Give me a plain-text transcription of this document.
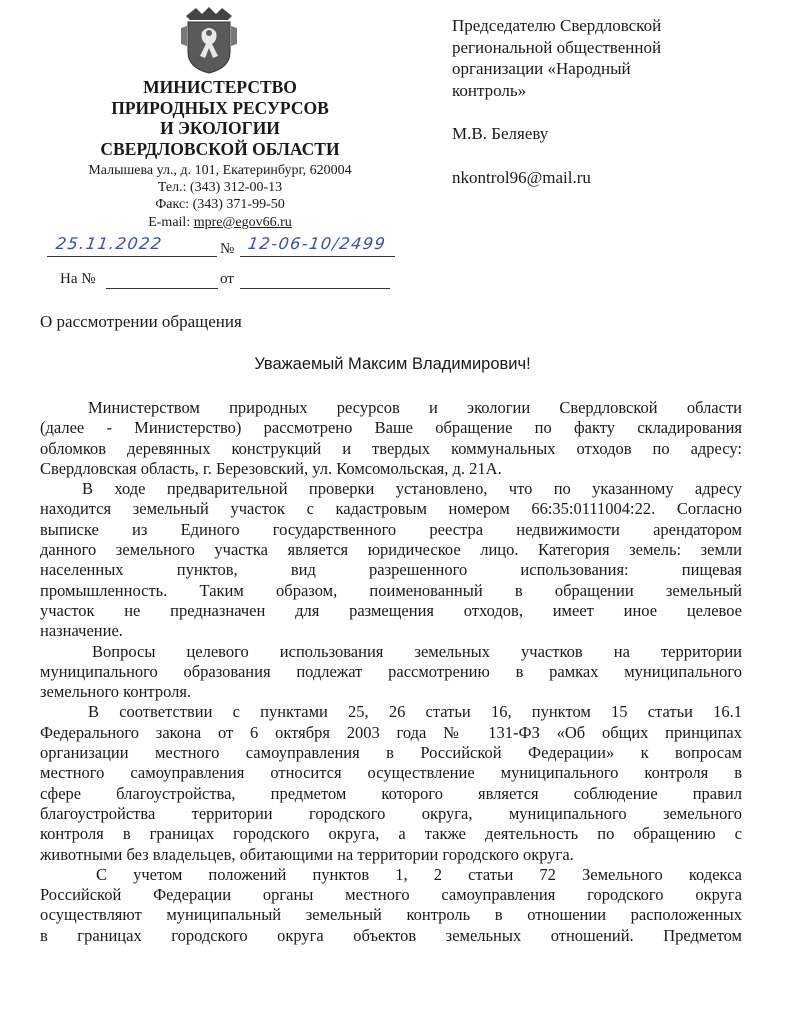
МИНИСТЕРСТВО
ПРИРОДНЫХ РЕСУРСОВ
И ЭКОЛОГИИ
СВЕРДЛОВСКОЙ ОБЛАСТИ
Малышева ул., д. 101, Екатеринбург, 620004
Тел.: (343) 312-00-13
Факс: (343) 371-99-50
E-mail: mpre@egov66.ru
25.11.2022	№ 12-06-10/2499
На №	от
Председателю Свердловской
региональной общественной
организации «Народный
контроль»
М.В. Беляеву
nkontrol96@mail.ru
О рассмотрении обращения
Уважаемый Максим Владимирович!

Министерством природных ресурсов и экологии Свердловской области
(далее - Министерство) рассмотрено Ваше обращение по факту складирования
обломков деревянных конструкций и твердых коммунальных отходов по адресу:
Свердловская область, г. Березовский, ул. Комсомольская, д. 21А.

В ходе предварительной проверки установлено, что по указанному адресу
находится земельный участок с кадастровым номером 66:35:0111004:22. Согласно
выписке из Единого государственного реестра недвижимости арендатором
данного земельного участка является юридическое лицо. Категория земель: земли
населенных пунктов, вид разрешенного использования: пищевая
промышленность. Таким образом, поименованный в обращении земельный
участок не предназначен для размещения отходов, имеет иное целевое
назначение.

Вопросы целевого использования земельных участков на территории
муниципального образования подлежат рассмотрению в рамках муниципального
земельного контроля.

В соответствии с пунктами 25, 26 статьи 16, пунктом 15 статьи 16.1
Федерального закона от 6 октября 2003 года № 131-ФЗ «Об общих принципах
организации местного самоуправления в Российской Федерации» к вопросам
местного самоуправления относится осуществление муниципального контроля в
сфере благоустройства, предметом которого является соблюдение правил
благоустройства территории городского округа, муниципального земельного
контроля в границах городского округа, а также деятельность по обращению с
животными без владельцев, обитающими на территории городского округа.

С учетом положений пунктов 1, 2 статьи 72 Земельного кодекса
Российской Федерации органы местного самоуправления городского округа
осуществляют муниципальный земельный контроль в отношении расположенных
в границах городского округа объектов земельных отношений. Предметом
